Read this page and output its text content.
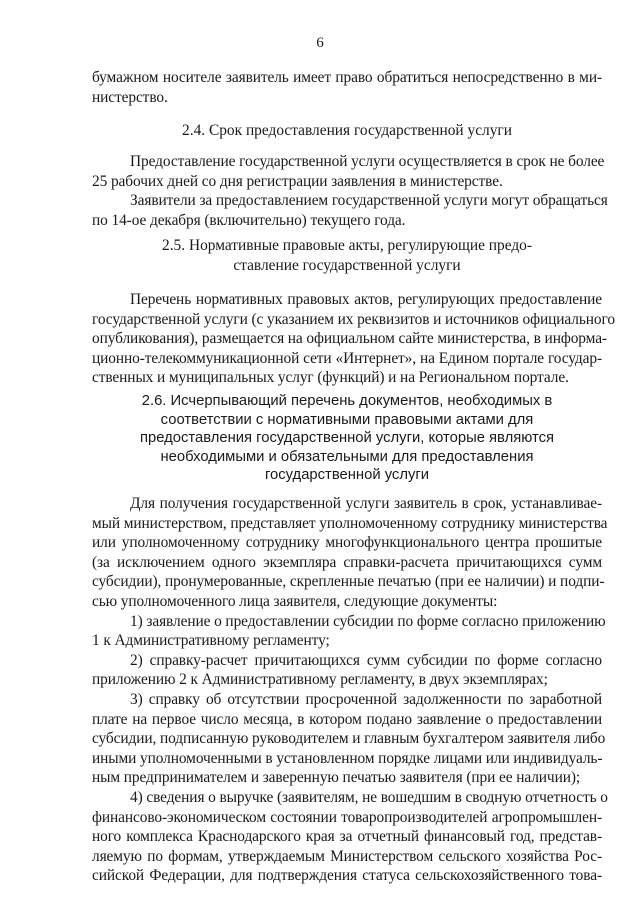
6
бумажном носителе заявитель имеет право обратиться непосредственно в ми-
нистерство.
2.4. Срок предоставления государственной услуги
Предоставление государственной услуги осуществляется в срок не более
25 рабочих дней со дня регистрации заявления в министерстве.
Заявители за предоставлением государственной услуги могут обращаться
по 14-ое декабря (включительно) текущего года.
2.5. Нормативные правовые акты, регулирующие предо-
ставление государственной услуги
Перечень нормативных правовых актов, регулирующих предоставление
государственной услуги (с указанием их реквизитов и источников официального
опубликования), размещается на официальном сайте министерства, в информа-
ционно-телекоммуникационной сети «Интернет», на Едином портале государ-
ственных и муниципальных услуг (функций) и на Региональном портале.
2.6. Исчерпывающий перечень документов, необходимых в
соответствии с нормативными правовыми актами для
предоставления государственной услуги, которые являются
необходимыми и обязательными для предоставления
государственной услуги
Для получения государственной услуги заявитель в срок, устанавливае-
мый министерством, представляет уполномоченному сотруднику министерства
или уполномоченному сотруднику многофункционального центра прошитые
(за исключением одного экземпляра справки-расчета причитающихся сумм
субсидии), пронумерованные, скрепленные печатью (при ее наличии) и подпи-
сью уполномоченного лица заявителя, следующие документы:
1) заявление о предоставлении субсидии по форме согласно приложению
1 к Административному регламенту;
2) справку-расчет причитающихся сумм субсидии по форме согласно
приложению 2 к Административному регламенту, в двух экземплярах;
3) справку об отсутствии просроченной задолженности по заработной
плате на первое число месяца, в котором подано заявление о предоставлении
субсидии, подписанную руководителем и главным бухгалтером заявителя либо
иными уполномоченными в установленном порядке лицами или индивидуаль-
ным предпринимателем и заверенную печатью заявителя (при ее наличии);
4) сведения о выручке (заявителям, не вошедшим в сводную отчетность о
финансово-экономическом состоянии товаропроизводителей агропромышлен-
ного комплекса Краснодарского края за отчетный финансовый год, представ-
ляемую по формам, утверждаемым Министерством сельского хозяйства Рос-
сийской Федерации, для подтверждения статуса сельскохозяйственного това-
